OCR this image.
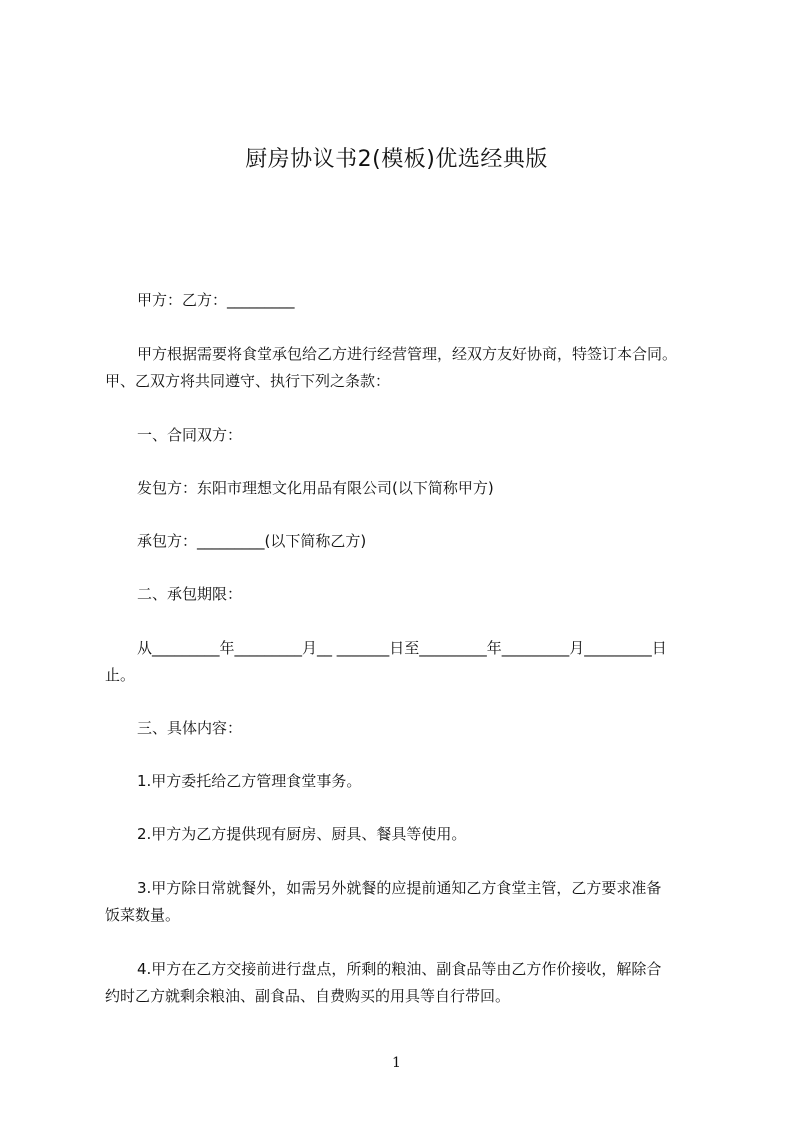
厨房协议书2(模板)优选经典版
甲方：乙方：_________
甲方根据需要将食堂承包给乙方进行经营管理，经双方友好协商，特签订本合同。
甲、乙双方将共同遵守、执行下列之条款：
一、合同双方：
发包方：东阳市理想文化用品有限公司(以下简称甲方)
承包方：_________(以下简称乙方)
二、承包期限：
从_________年_________月__ _______日至_________年_________月_________日
止。
三、具体内容：
1.甲方委托给乙方管理食堂事务。
2.甲方为乙方提供现有厨房、厨具、餐具等使用。
3.甲方除日常就餐外，如需另外就餐的应提前通知乙方食堂主管，乙方要求准备
饭菜数量。
4.甲方在乙方交接前进行盘点，所剩的粮油、副食品等由乙方作价接收，解除合
约时乙方就剩余粮油、副食品、自费购买的用具等自行带回。
1
